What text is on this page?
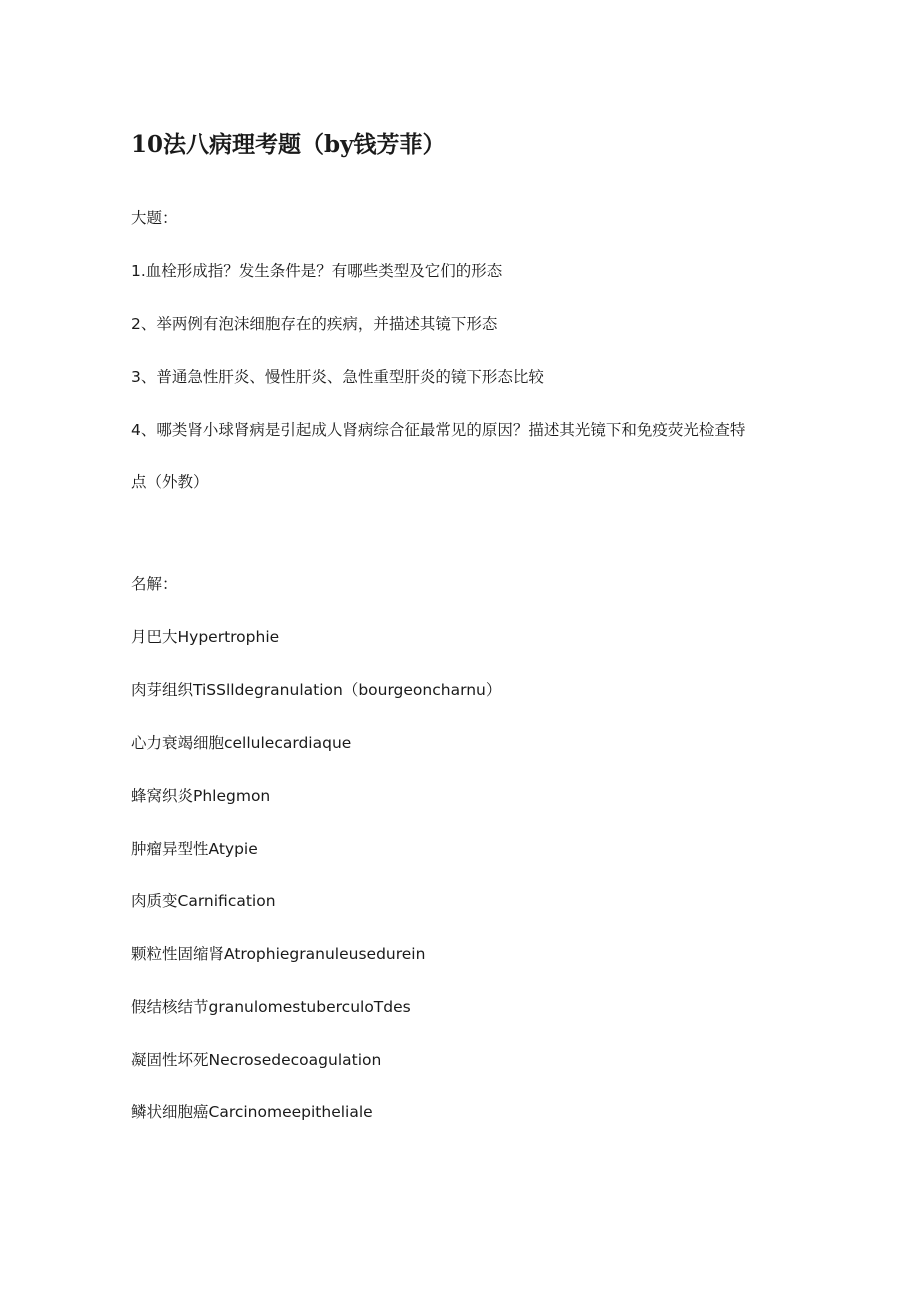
10法八病理考题（by钱芳菲）
大题：
1.血栓形成指？发生条件是？有哪些类型及它们的形态
2、举两例有泡沫细胞存在的疾病，并描述其镜下形态
3、普通急性肝炎、慢性肝炎、急性重型肝炎的镜下形态比较
4、哪类肾小球肾病是引起成人肾病综合征最常见的原因？描述其光镜下和免疫荧光检查特
点（外教）
名解：
月巴大Hypertrophie
肉芽组织TiSSlldegranulation（bourgeoncharnu）
心力衰竭细胞cellulecardiaque
蜂窝织炎Phlegmon
肿瘤异型性Atypie
肉质变Carnification
颗粒性固缩肾Atrophiegranuleusedurein
假结核结节granulomestuberculoTdes
凝固性坏死Necrosedecoagulation
鳞状细胞癌Carcinomeepitheliale
